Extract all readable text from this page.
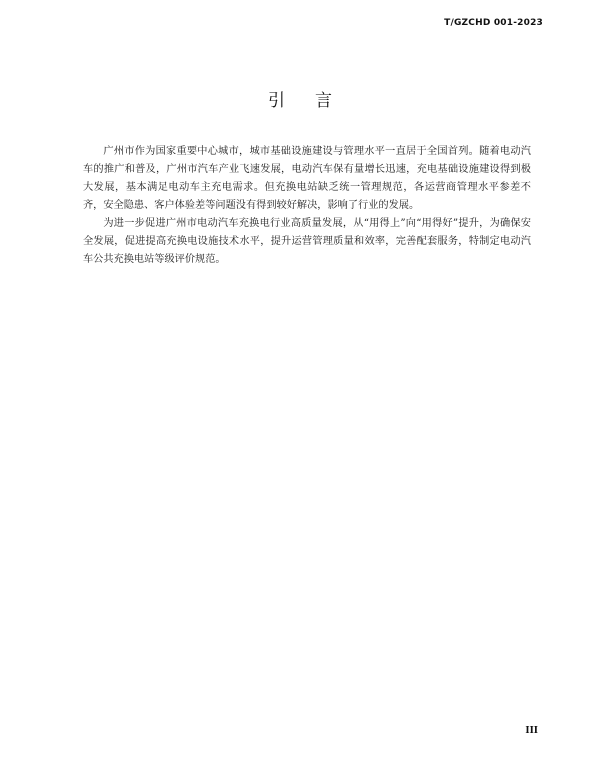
T/GZCHD 001-2023
引言

广州市作为国家重要中心城市，城市基础设施建设与管理水平一直居于全国首列。随着电动汽车的推广和普及，广州市汽车产业飞速发展，电动汽车保有量增长迅速，充电基础设施建设得到极大发展，基本满足电动车主充电需求。但充换电站缺乏统一管理规范，各运营商管理水平参差不齐，安全隐患、客户体验差等问题没有得到较好解决，影响了行业的发展。

为进一步促进广州市电动汽车充换电行业高质量发展，从“用得上”向“用得好”提升，为确保安全发展，促进提高充换电设施技术水平，提升运营管理质量和效率，完善配套服务，特制定电动汽车公共充换电站等级评价规范。

III
